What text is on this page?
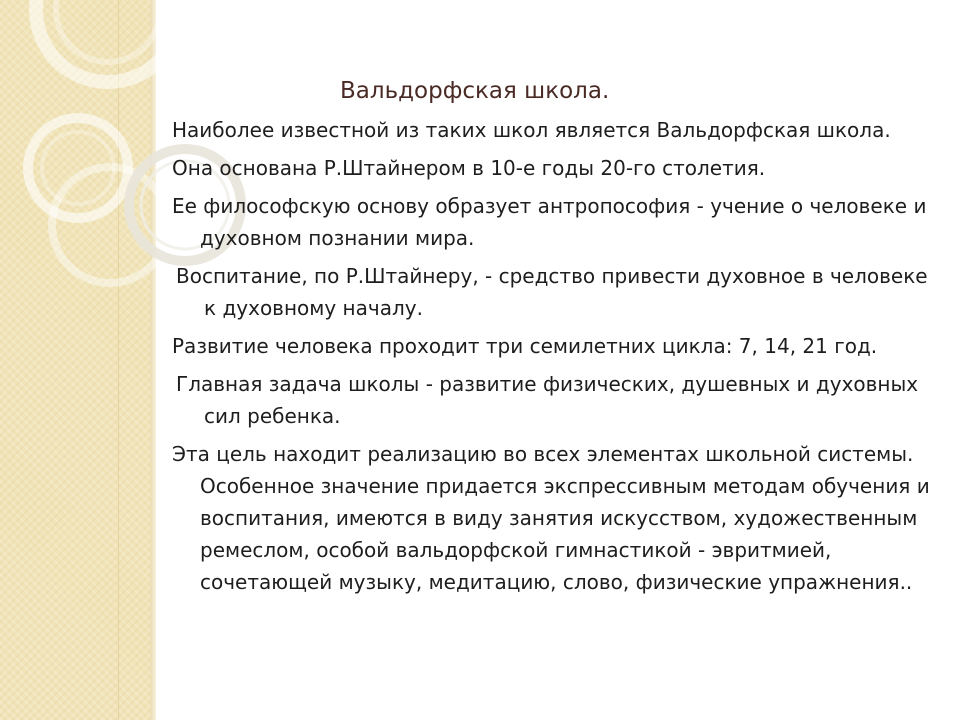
Вальдорфская школа.

Наиболее известной из таких школ является Вальдорфская школа.

Она основана Р.Штайнером в 10-е годы 20-го столетия.

Ее философскую основу образует антропософия - учение о человеке и духовном познании мира.

Воспитание, по Р.Штайнеру, - средство привести духовное в человеке к духовному началу.

Развитие человека проходит три семилетних цикла: 7, 14, 21 год.

Главная задача школы - развитие физических, душевных и духовных сил ребенка.

Эта цель находит реализацию во всех элементах школьной системы. Особенное значение придается экспрессивным методам обучения и воспитания, имеются в виду занятия искусством, художественным ремеслом, особой вальдорфской гимнастикой - эвритмией, сочетающей музыку, медитацию, слово, физические упражнения..
